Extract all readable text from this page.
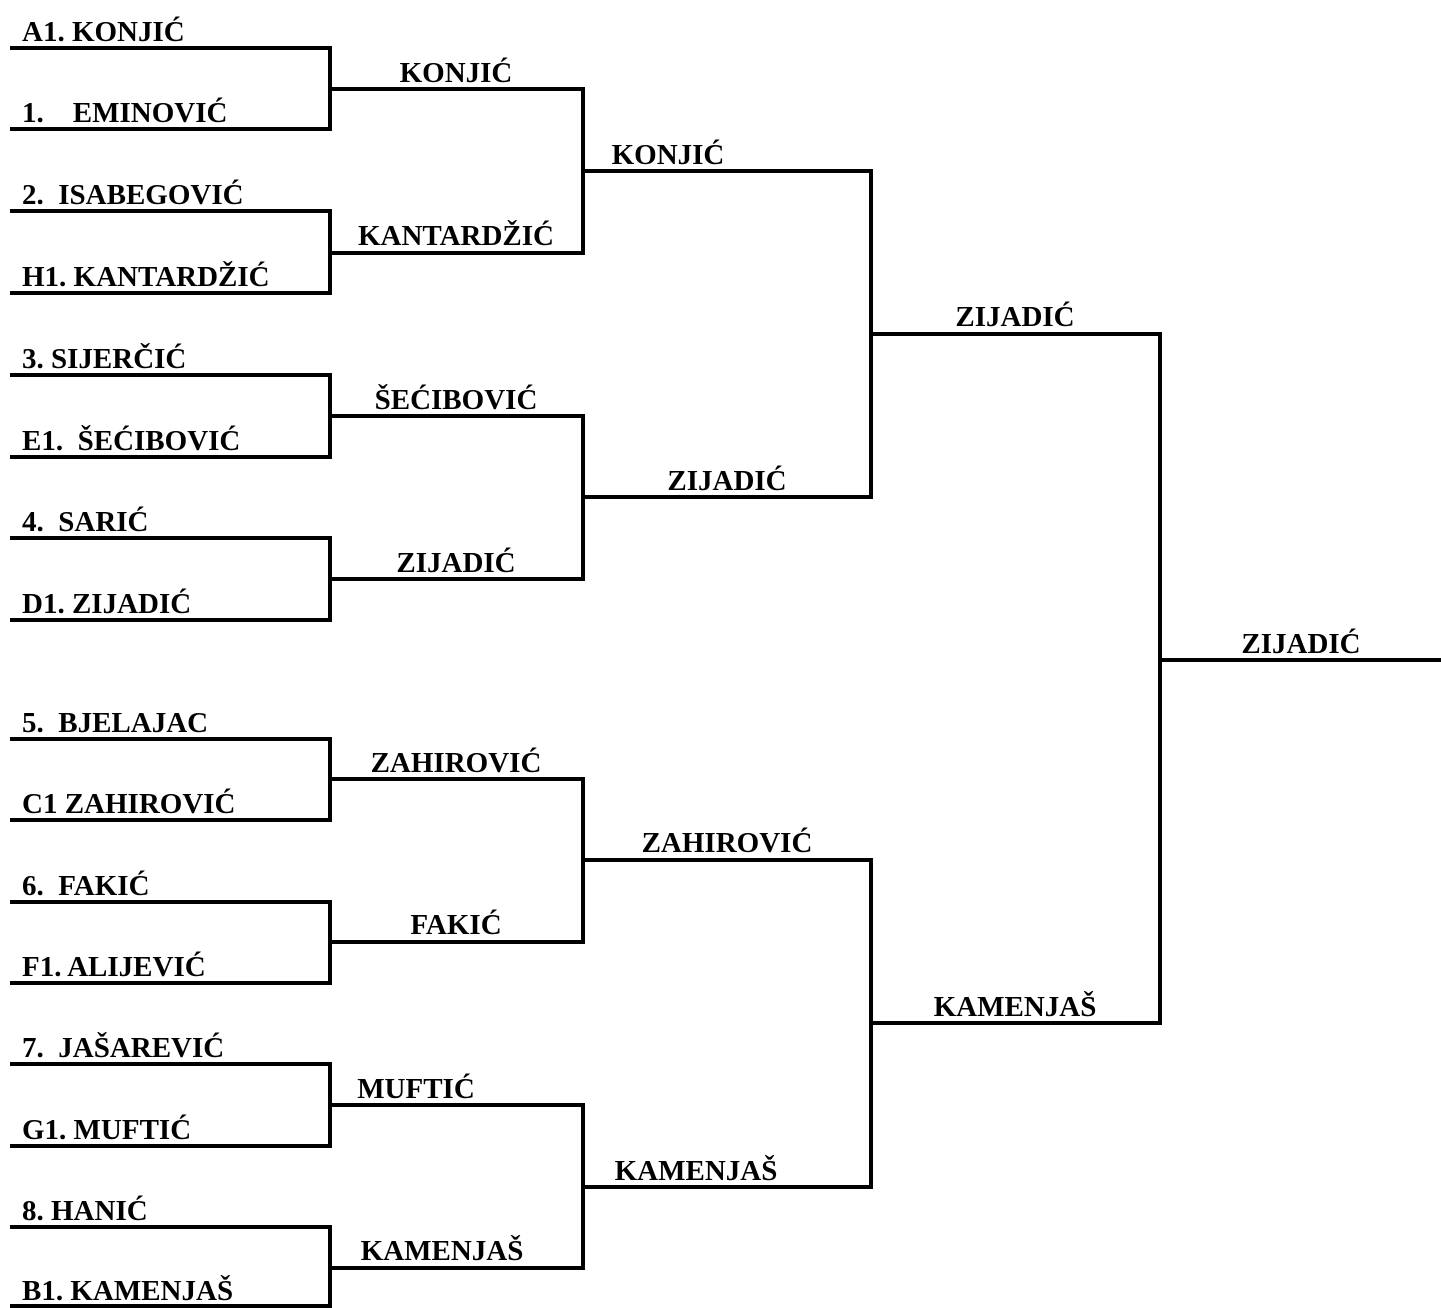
A1. KONJIĆ
1.    EMINOVIĆ
2.  ISABEGOVIĆ
H1. KANTARDŽIĆ
3. SIJERČIĆ
E1.  ŠEĆIBOVIĆ
4.  SARIĆ
D1. ZIJADIĆ
5.  BJELAJAC
C1 ZAHIROVIĆ
6.  FAKIĆ
F1. ALIJEVIĆ
7.  JAŠAREVIĆ
G1. MUFTIĆ
8. HANIĆ
B1. KAMENJAŠ
KONJIĆ
KANTARDŽIĆ
ŠEĆIBOVIĆ
ZIJADIĆ
ZAHIROVIĆ
FAKIĆ
MUFTIĆ
KAMENJAŠ
KONJIĆ
ZIJADIĆ
ZAHIROVIĆ
KAMENJAŠ
ZIJADIĆ
KAMENJAŠ
ZIJADIĆ
